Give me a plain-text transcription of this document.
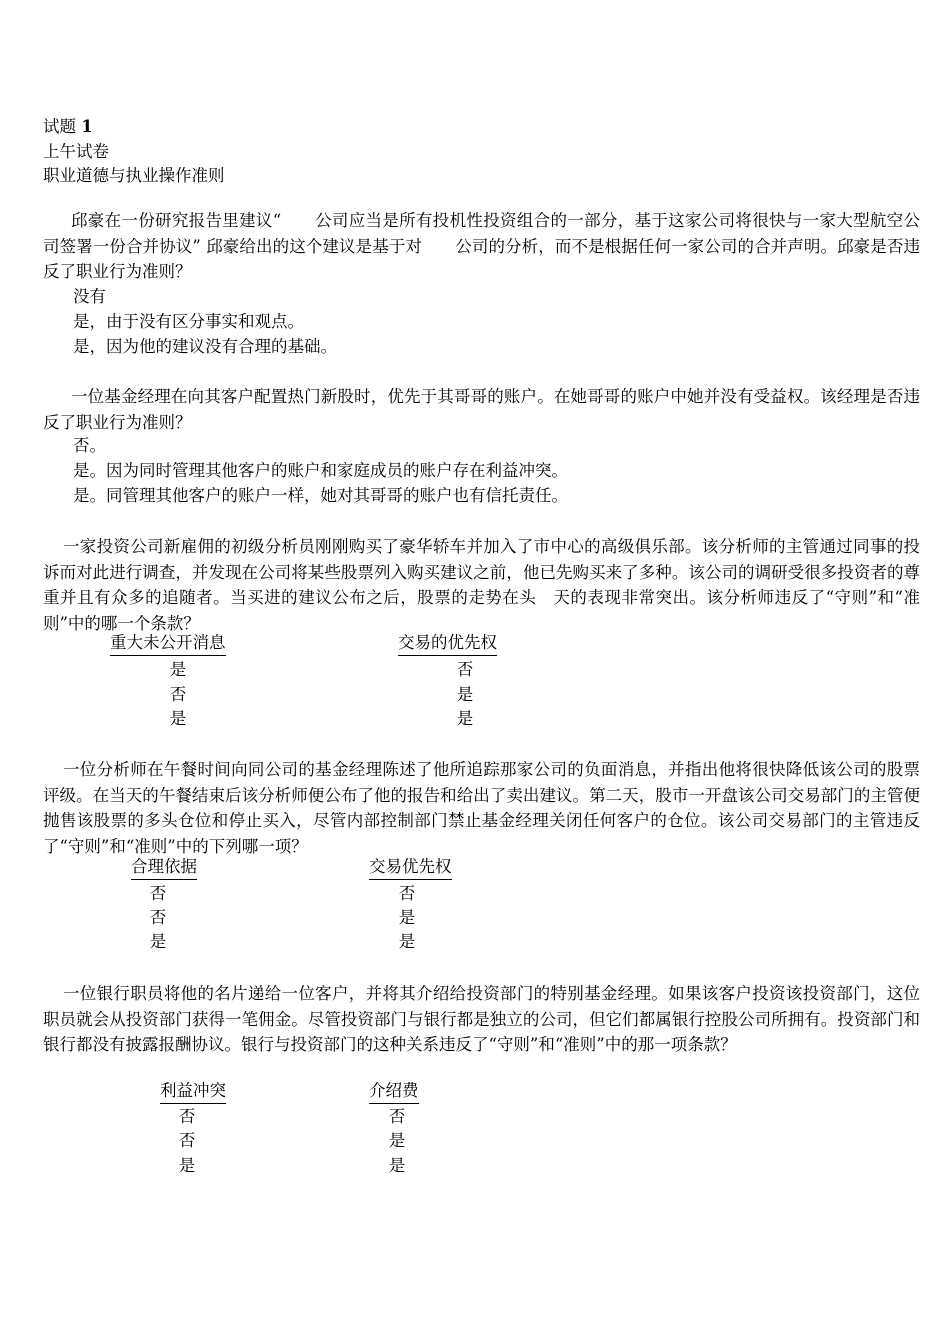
试题 1
上午试卷
职业道德与执业操作准则

邱豪在一份研究报告里建议“　　公司应当是所有投机性投资组合的一部分，基于这家公司将很快与一家大型航空公司签署一份合并协议” 邱豪给出的这个建议是基于对　　公司的分析，而不是根据任何一家公司的合并声明。邱豪是否违反了职业行为准则？

没有
是，由于没有区分事实和观点。
是，因为他的建议没有合理的基础。

一位基金经理在向其客户配置热门新股时，优先于其哥哥的账户。在她哥哥的账户中她并没有受益权。该经理是否违反了职业行为准则？

否。
是。因为同时管理其他客户的账户和家庭成员的账户存在利益冲突。
是。同管理其他客户的账户一样，她对其哥哥的账户也有信托责任。

一家投资公司新雇佣的初级分析员刚刚购买了豪华轿车并加入了市中心的高级俱乐部。该分析师的主管通过同事的投诉而对此进行调查，并发现在公司将某些股票列入购买建议之前，他已先购买来了多种。该公司的调研受很多投资者的尊重并且有众多的追随者。当买进的建议公布之后，股票的走势在头　天的表现非常突出。该分析师违反了“守则”和“准则”中的哪一个条款？

重大未公开消息	交易的优先权
是	否
否	是
是	是

一位分析师在午餐时间向同公司的基金经理陈述了他所追踪那家公司的负面消息，并指出他将很快降低该公司的股票评级。在当天的午餐结束后该分析师便公布了他的报告和给出了卖出建议。第二天，股市一开盘该公司交易部门的主管便抛售该股票的多头仓位和停止买入，尽管内部控制部门禁止基金经理关闭任何客户的仓位。该公司交易部门的主管违反了“守则”和“准则”中的下列哪一项？

合理依据	交易优先权
否	否
否	是
是	是

一位银行职员将他的名片递给一位客户，并将其介绍给投资部门的特别基金经理。如果该客户投资该投资部门，这位职员就会从投资部门获得一笔佣金。尽管投资部门与银行都是独立的公司，但它们都属银行控股公司所拥有。投资部门和银行都没有披露报酬协议。银行与投资部门的这种关系违反了“守则”和“准则”中的那一项条款？

利益冲突	介绍费
否	否
否	是
是	是
